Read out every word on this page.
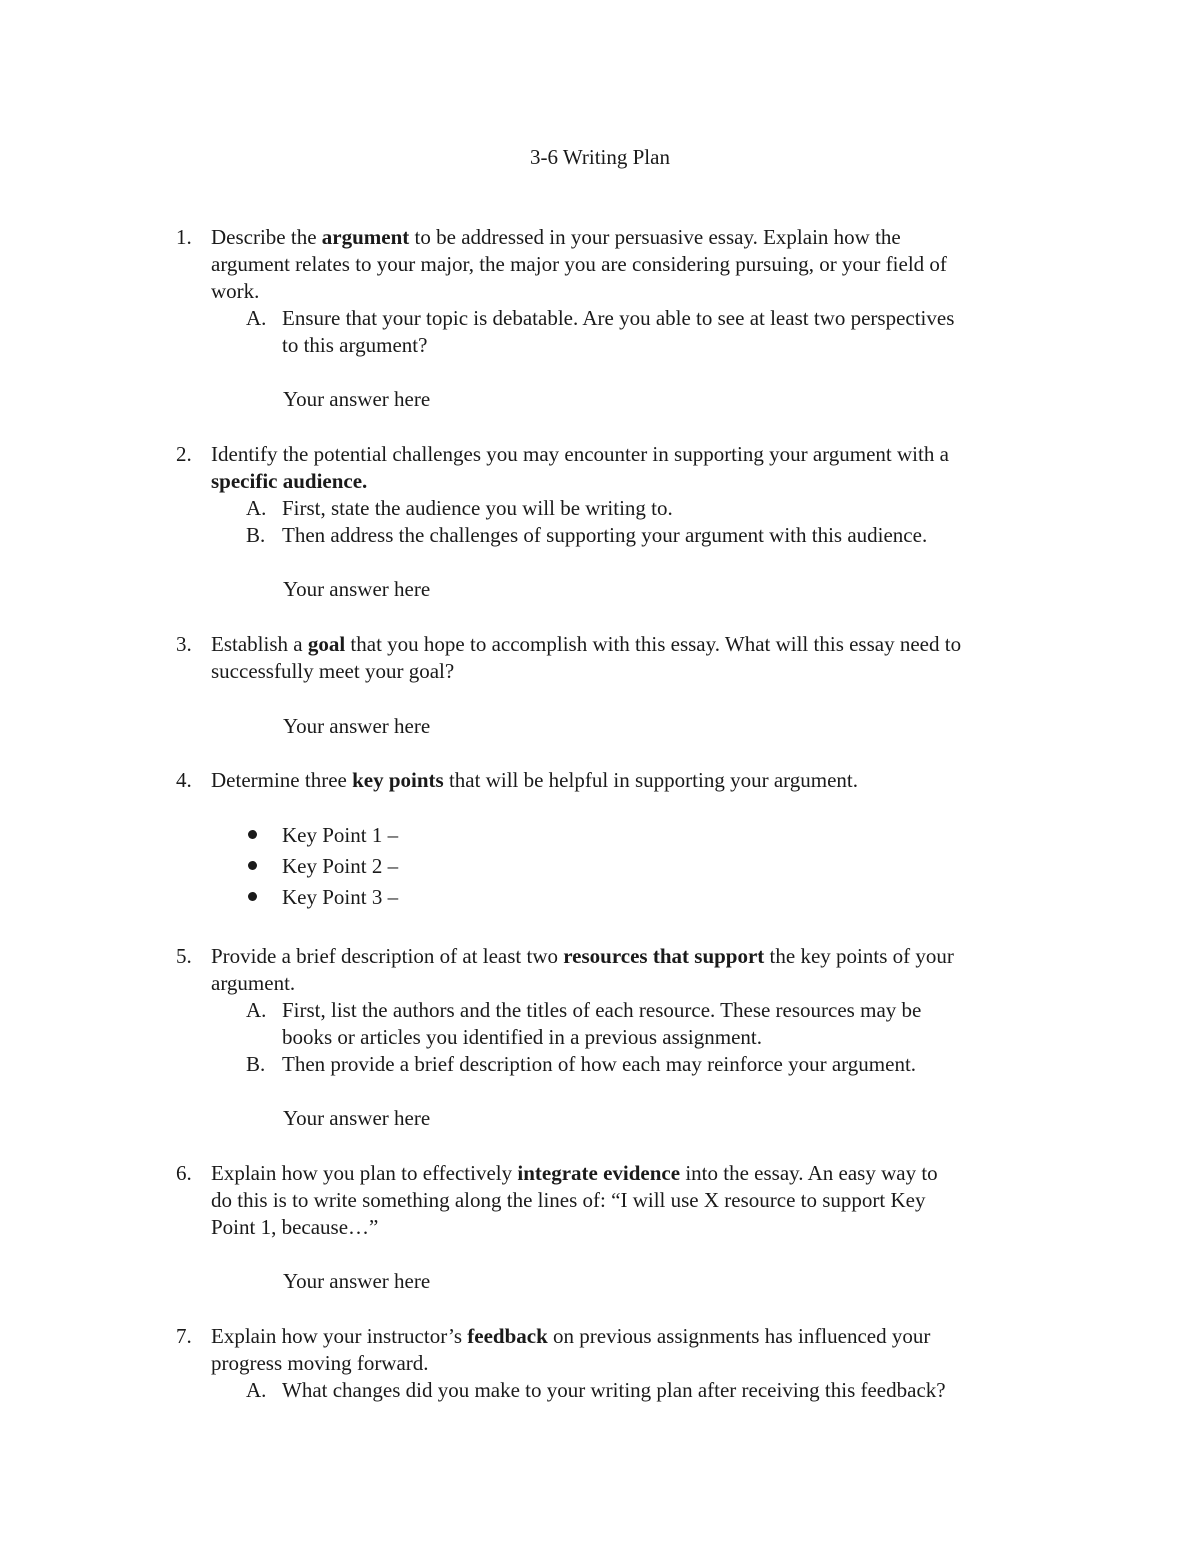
3-6 Writing Plan
1. Describe the argument to be addressed in your persuasive essay. Explain how the
argument relates to your major, the major you are considering pursuing, or your field of
work.
A. Ensure that your topic is debatable. Are you able to see at least two perspectives
to this argument?
Your answer here
2. Identify the potential challenges you may encounter in supporting your argument with a
specific audience.
A. First, state the audience you will be writing to.
B. Then address the challenges of supporting your argument with this audience.
Your answer here
3. Establish a goal that you hope to accomplish with this essay. What will this essay need to
successfully meet your goal?
Your answer here
4. Determine three key points that will be helpful in supporting your argument.
Key Point 1 –
Key Point 2 –
Key Point 3 –
5. Provide a brief description of at least two resources that support the key points of your
argument.
A. First, list the authors and the titles of each resource. These resources may be
books or articles you identified in a previous assignment.
B. Then provide a brief description of how each may reinforce your argument.
Your answer here
6. Explain how you plan to effectively integrate evidence into the essay. An easy way to
do this is to write something along the lines of: “I will use X resource to support Key
Point 1, because…”
Your answer here
7. Explain how your instructor’s feedback on previous assignments has influenced your
progress moving forward.
A. What changes did you make to your writing plan after receiving this feedback?
